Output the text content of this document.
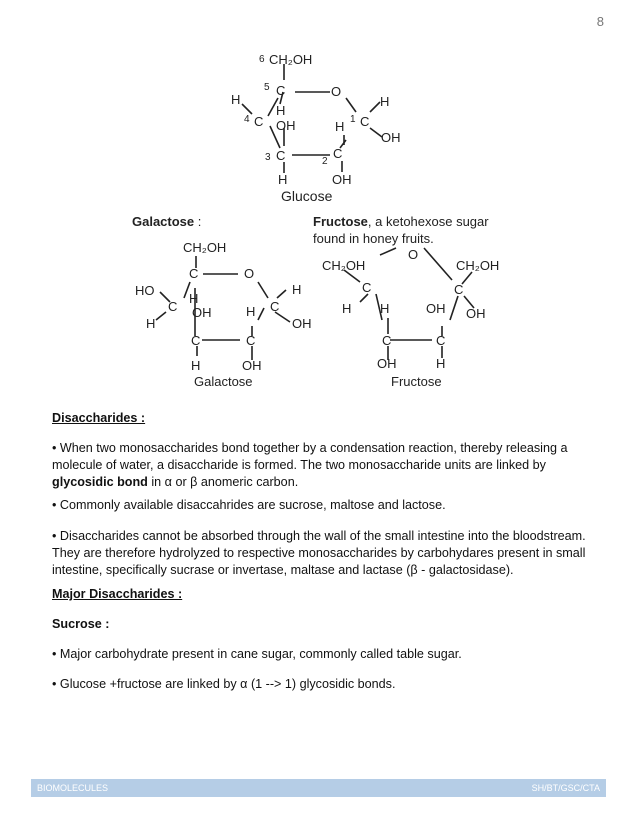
8
6 CH₂OH
5 C	O
H
H
4 C OH	H 1 C
H
OH
3 C	2
C
H	OH
Glucose
Galactose :	Fructose, a ketohexose sugar
found in honey fruits.
CH₂OH
C	O
H
HO
H
C OH	H C
OH
H
C	C
H	OH
Galactose
CH₂OH
O
CH₂OH
C	C
H H	OH OH
C	C
OH	H
Fructose

Disaccharides :

• When two monosaccharides bond together by a condensation reaction, thereby releasing a molecule of water, a disaccharide is formed. The two monosaccharide units are linked by glycosidic bond in α or β anomeric carbon.

• Commonly available disaccahrides are sucrose, maltose and lactose.

• Disaccharides cannot be absorbed through the wall of the small intestine into the bloodstream. They are therefore hydrolyzed to respective monosaccharides by carbohydares present in small intestine, specifically sucrase or invertase, maltase and lactase (β - galactosidase).

Major Disaccharides :

Sucrose :

• Major carbohydrate present in cane sugar, commonly called table sugar.

• Glucose +fructose are linked by α (1 --> 1) glycosidic bonds.

BIOMOLECULES	SH/BT/GSC/CTA
